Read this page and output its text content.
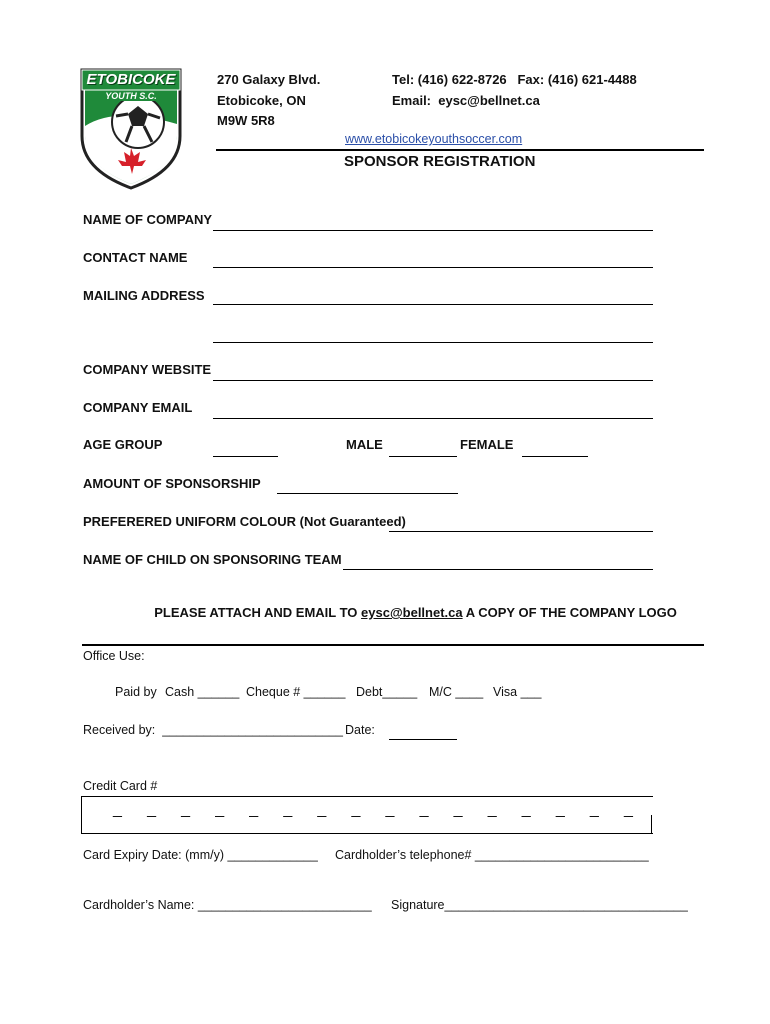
ETOBICOKE
YOUTH S.C.
270 Galaxy Blvd.
Etobicoke, ON
M9W 5R8
Tel: (416) 622-8726   Fax: (416) 621-4488
Email:  eysc@bellnet.ca
www.etobicokeyouthsoccer.com
SPONSOR REGISTRATION
NAME OF COMPANY
CONTACT NAME
MAILING ADDRESS
COMPANY WEBSITE
COMPANY EMAIL
AGE GROUP	MALE	FEMALE
AMOUNT OF SPONSORSHIP
PREFERERED UNIFORM COLOUR (Not Guaranteed)
NAME OF CHILD ON SPONSORING TEAM

PLEASE ATTACH AND EMAIL TO eysc@bellnet.ca A COPY OF THE COMPANY LOGO

Office Use:
Paid by Cash ______ Cheque # ______ Debt_____ M/C ____ Visa ___
Received by:  __________________________ Date:
Credit Card #
_ _ _ _ _ _ _ _ _ _ _ _ _ _ _ _
Card Expiry Date: (mm/y) _____________ Cardholder’s telephone# _________________________
Cardholder’s Name: _________________________ Signature___________________________________
